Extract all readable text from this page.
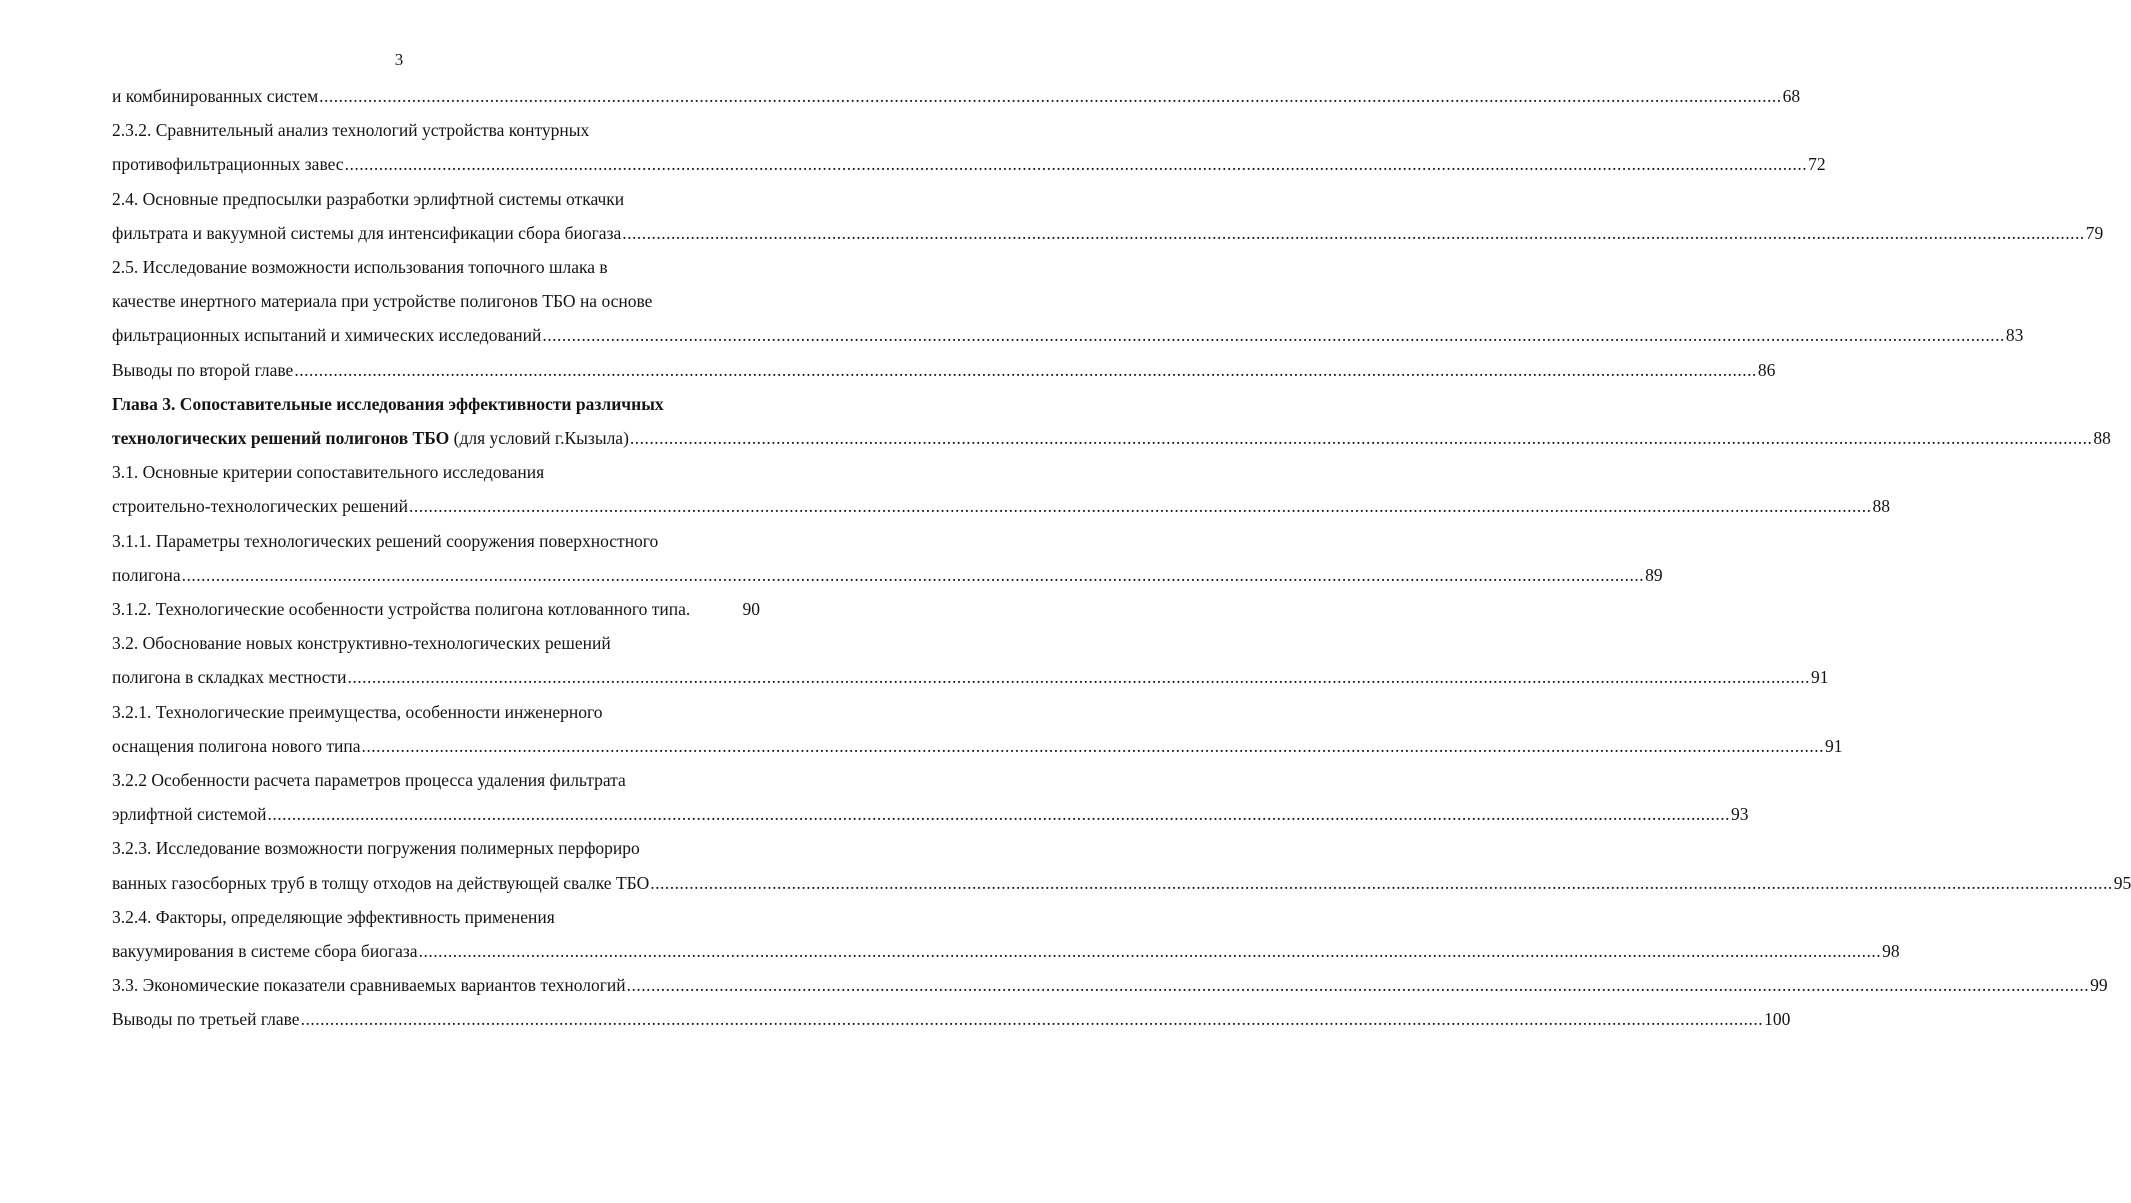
3
и комбинированных систем ............................................................................................................................................................................................................................................................................................................ 68
2.3.2. Сравнительный анализ технологий устройства контурных
противофильтрационных завес ............................................................................................................................................................................................................................................................................................................ 72
2.4. Основные предпосылки разработки эрлифтной системы откачки
фильтрата и вакуумной системы для интенсификации сбора биогаза ............................................................................................................................................................................................................................................................................................................ 79
2.5. Исследование возможности использования топочного шлака в
качестве инертного материала при устройстве полигонов ТБО на основе
фильтрационных испытаний и химических исследований ............................................................................................................................................................................................................................................................................................................ 83
Выводы по второй главе ............................................................................................................................................................................................................................................................................................................ 86
Глава 3. Сопоставительные исследования эффективности различных
технологических решений полигонов ТБО (для условий г.Кызыла) ............................................................................................................................................................................................................................................................................................................ 88
3.1. Основные критерии сопоставительного исследования
строительно-технологических решений ............................................................................................................................................................................................................................................................................................................ 88
3.1.1. Параметры технологических решений сооружения поверхностного
полигона ............................................................................................................................................................................................................................................................................................................ 89
3.1.2. Технологические особенности устройства полигона котлованного типа.	90
3.2. Обоснование новых конструктивно-технологических решений
полигона в складках местности ............................................................................................................................................................................................................................................................................................................ 91
3.2.1. Технологические преимущества, особенности инженерного
оснащения полигона нового типа ............................................................................................................................................................................................................................................................................................................ 91
3.2.2 Особенности расчета параметров процесса удаления фильтрата
эрлифтной системой ............................................................................................................................................................................................................................................................................................................ 93
3.2.3. Исследование возможности погружения полимерных перфориро
ванных газосборных труб в толщу отходов на действующей свалке ТБО ............................................................................................................................................................................................................................................................................................................ 95
3.2.4. Факторы, определяющие эффективность применения
вакуумирования в системе сбора биогаза ............................................................................................................................................................................................................................................................................................................ 98
3.3. Экономические показатели сравниваемых вариантов технологий ............................................................................................................................................................................................................................................................................................................ 99
Выводы по третьей главе ............................................................................................................................................................................................................................................................................................................ 100
